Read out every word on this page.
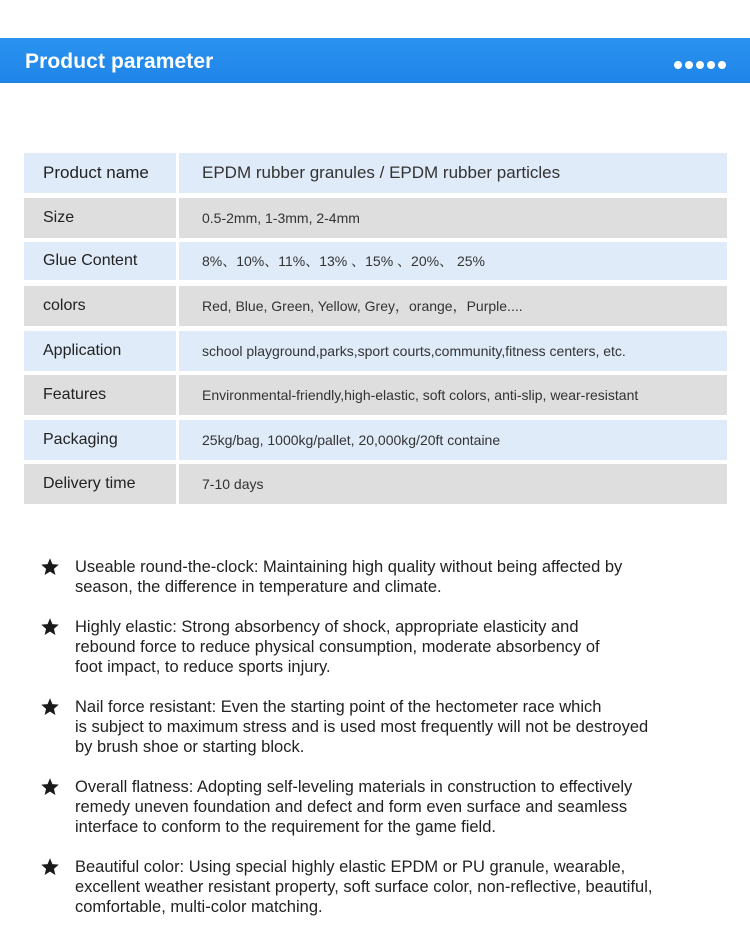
Product parameter
Product name	EPDM rubber granules / EPDM rubber particles
Size	0.5-2mm, 1-3mm, 2-4mm
Glue Content	8%、10%、11%、13% 、15% 、20%、 25%
colors	Red, Blue, Green, Yellow, Grey，orange，Purple....
Application	school playground,parks,sport courts,community,fitness centers, etc.
Features	Environmental-friendly,high-elastic, soft colors, anti-slip, wear-resistant
Packaging	25kg/bag, 1000kg/pallet, 20,000kg/20ft containe
Delivery time	7-10 days
Useable round-the-clock: Maintaining high quality without being affected by
season, the difference in temperature and climate.
Highly elastic: Strong absorbency of shock, appropriate elasticity and
rebound force to reduce physical consumption, moderate absorbency of
foot impact, to reduce sports injury.
Nail force resistant: Even the starting point of the hectometer race which
is subject to maximum stress and is used most frequently will not be destroyed
by brush shoe or starting block.
Overall flatness: Adopting self-leveling materials in construction to effectively
remedy uneven foundation and defect and form even surface and seamless
interface to conform to the requirement for the game field.
Beautiful color: Using special highly elastic EPDM or PU granule, wearable,
excellent weather resistant property, soft surface color, non-reflective, beautiful,
comfortable, multi-color matching.
